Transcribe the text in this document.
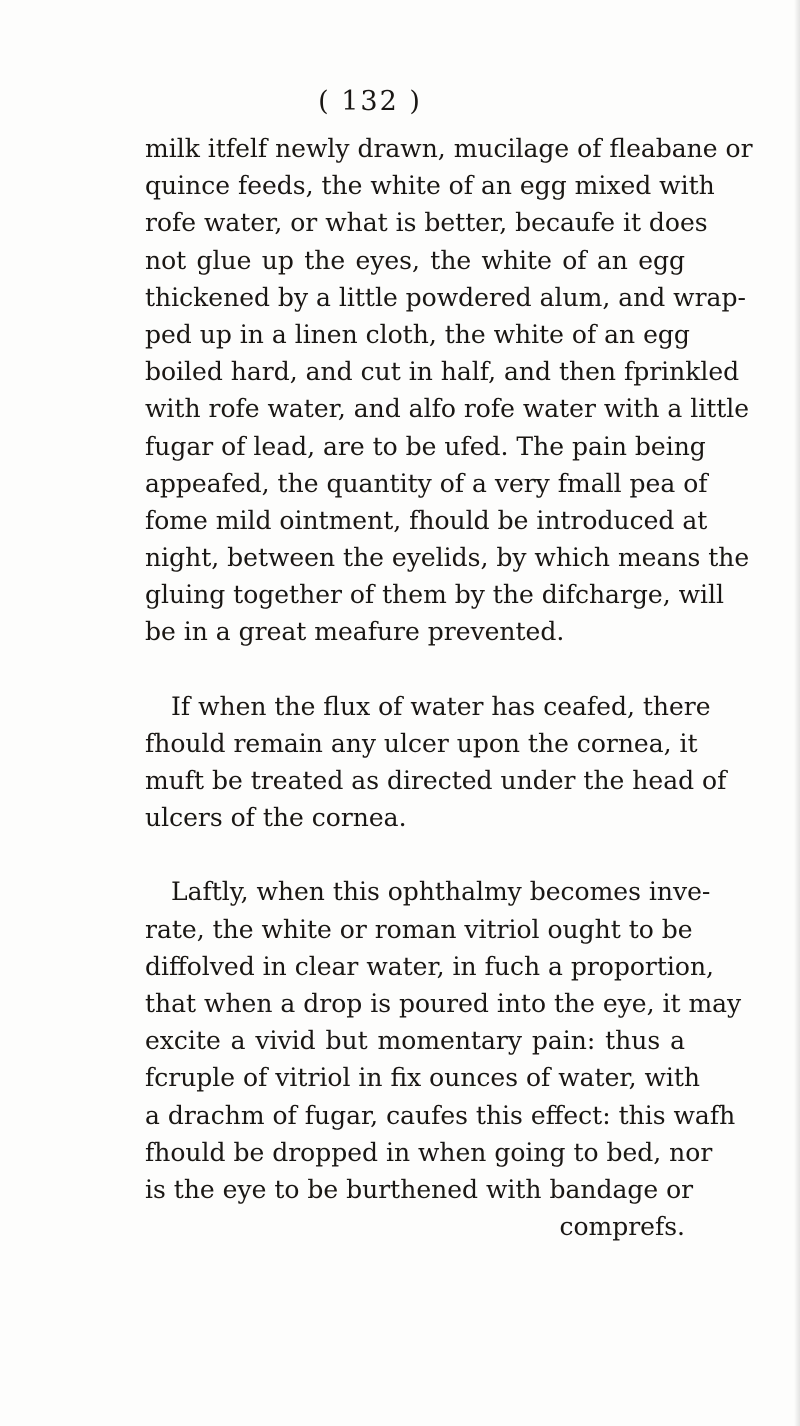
( 132 )
milk itfelf newly drawn, mucilage of fleabane or
quince feeds, the white of an egg mixed with
rofe water, or what is better, becaufe it does
not glue up the eyes, the white of an egg
thickened by a little powdered alum, and wrap-
ped up in a linen cloth, the white of an egg
boiled hard, and cut in half, and then fprinkled
with rofe water, and alfo rofe water with a little
fugar of lead, are to be ufed. The pain being
appeafed, the quantity of a very fmall pea of
fome mild ointment, fhould be introduced at
night, between the eyelids, by which means the
gluing together of them by the difcharge, will
be in a great meafure prevented.
If when the flux of water has ceafed, there
fhould remain any ulcer upon the cornea, it
muft be treated as directed under the head of
ulcers of the cornea.
Laftly, when this ophthalmy becomes inve-
rate, the white or roman vitriol ought to be
diffolved in clear water, in fuch a proportion,
that when a drop is poured into the eye, it may
excite a vivid but momentary pain: thus a
fcruple of vitriol in fix ounces of water, with
a drachm of fugar, caufes this effect: this wafh
fhould be dropped in when going to bed, nor
is the eye to be burthened with bandage or
comprefs.
